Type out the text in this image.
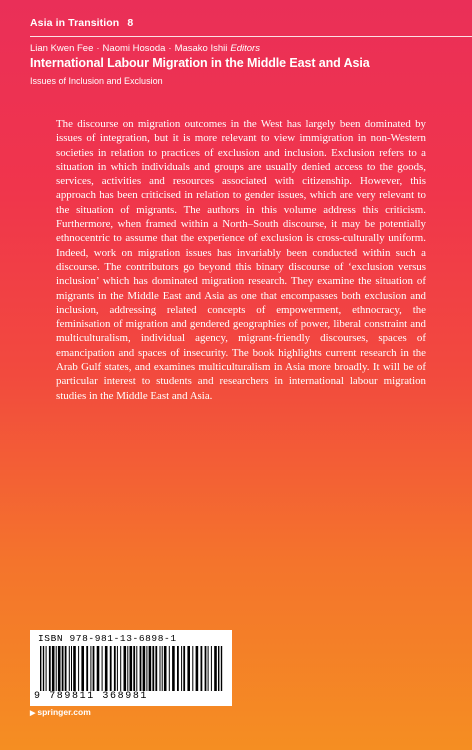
Asia in Transition 8
Lian Kwen Fee · Naomi Hosoda · Masako Ishii Editors
International Labour Migration in the Middle East and Asia
Issues of Inclusion and Exclusion

The discourse on migration outcomes in the West has largely been dominated by issues of integration, but it is more relevant to view immigration in non-Western societies in relation to practices of exclusion and inclusion. Exclusion refers to a situation in which individuals and groups are usually denied access to the goods, services, activities and resources associated with citizenship. However, this approach has been criticised in relation to gender issues, which are very relevant to the situation of migrants. The authors in this volume address this criticism. Furthermore, when framed within a North–South discourse, it may be potentially ethnocentric to assume that the experience of exclusion is cross-culturally uniform. Indeed, work on migration issues has invariably been conducted within such a discourse. The contributors go beyond this binary discourse of ‘exclusion versus inclusion’ which has dominated migration research. They examine the situation of migrants in the Middle East and Asia as one that encompasses both exclusion and inclusion, addressing related concepts of empowerment, ethnocracy, the feminisation of migration and gendered geographies of power, liberal constraint and multiculturalism, individual agency, migrant-friendly discourses, spaces of emancipation and spaces of insecurity. The book highlights current research in the Arab Gulf states, and examines multiculturalism in Asia more broadly. It will be of particular interest to students and researchers in international labour migration studies in the Middle East and Asia.

ISBN 978-981-13-6898-1
9 789811 368981
▶ springer.com
